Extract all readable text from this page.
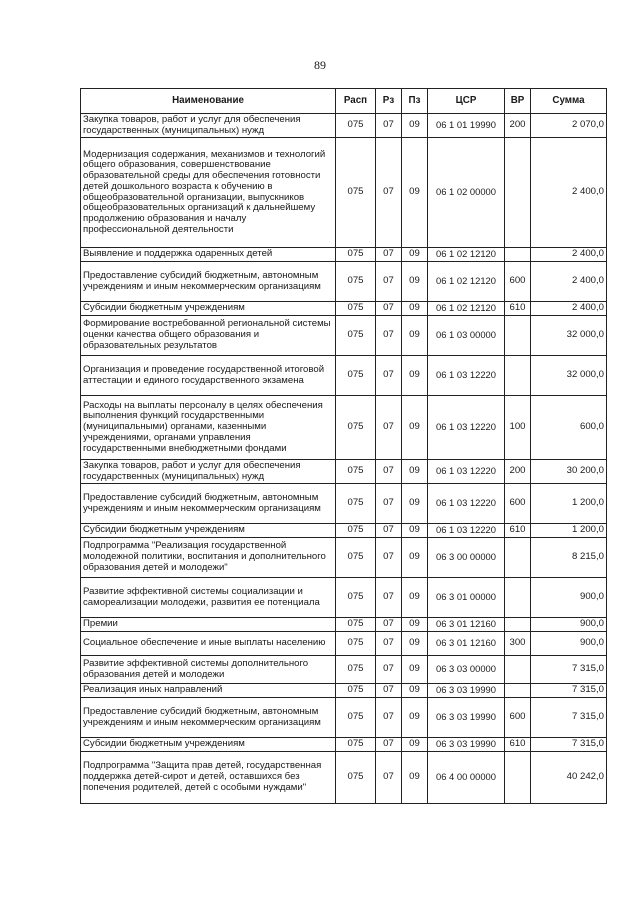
89
Наименование	Расп	Рз	Пз	ЦСР	ВР	Сумма
Закупка товаров, работ и услуг для обеспечения государственных (муниципальных) нужд	075	07	09	06 1 01 19990	200	2 070,0
Модернизация содержания, механизмов и технологий общего образования, совершенствование образовательной среды для обеспечения готовности детей дошкольного возраста к обучению в общеобразовательной организации, выпускников общеобразовательных организаций к дальнейшему продолжению образования и началу профессиональной деятельности	075	07	09	06 1 02 00000		2 400,0
Выявление и поддержка одаренных детей	075	07	09	06 1 02 12120		2 400,0
Предоставление субсидий бюджетным, автономным учреждениям и иным некоммерческим организациям	075	07	09	06 1 02 12120	600	2 400,0
Субсидии бюджетным учреждениям	075	07	09	06 1 02 12120	610	2 400,0
Формирование востребованной региональной системы оценки качества общего образования и образовательных результатов	075	07	09	06 1 03 00000		32 000,0
Организация и проведение государственной итоговой аттестации и единого государственного экзамена	075	07	09	06 1 03 12220		32 000,0
Расходы на выплаты персоналу в целях обеспечения выполнения функций государственными (муниципальными) органами, казенными учреждениями, органами управления государственными внебюджетными фондами	075	07	09	06 1 03 12220	100	600,0
Закупка товаров, работ и услуг для обеспечения государственных (муниципальных) нужд	075	07	09	06 1 03 12220	200	30 200,0
Предоставление субсидий бюджетным, автономным учреждениям и иным некоммерческим организациям	075	07	09	06 1 03 12220	600	1 200,0
Субсидии бюджетным учреждениям	075	07	09	06 1 03 12220	610	1 200,0
Подпрограмма "Реализация государственной молодежной политики, воспитания и дополнительного образования детей и молодежи"	075	07	09	06 3 00 00000		8 215,0
Развитие эффективной системы социализации и самореализации молодежи, развития ее потенциала	075	07	09	06 3 01 00000		900,0
Премии	075	07	09	06 3 01 12160		900,0
Социальное обеспечение и иные выплаты населению	075	07	09	06 3 01 12160	300	900,0
Развитие эффективной системы дополнительного образования детей и молодежи	075	07	09	06 3 03 00000		7 315,0
Реализация иных направлений	075	07	09	06 3 03 19990		7 315,0
Предоставление субсидий бюджетным, автономным учреждениям и иным некоммерческим организациям	075	07	09	06 3 03 19990	600	7 315,0
Субсидии бюджетным учреждениям	075	07	09	06 3 03 19990	610	7 315,0
Подпрограмма "Защита прав детей, государственная поддержка детей-сирот и детей, оставшихся без попечения родителей, детей с особыми нуждами"	075	07	09	06 4 00 00000		40 242,0
